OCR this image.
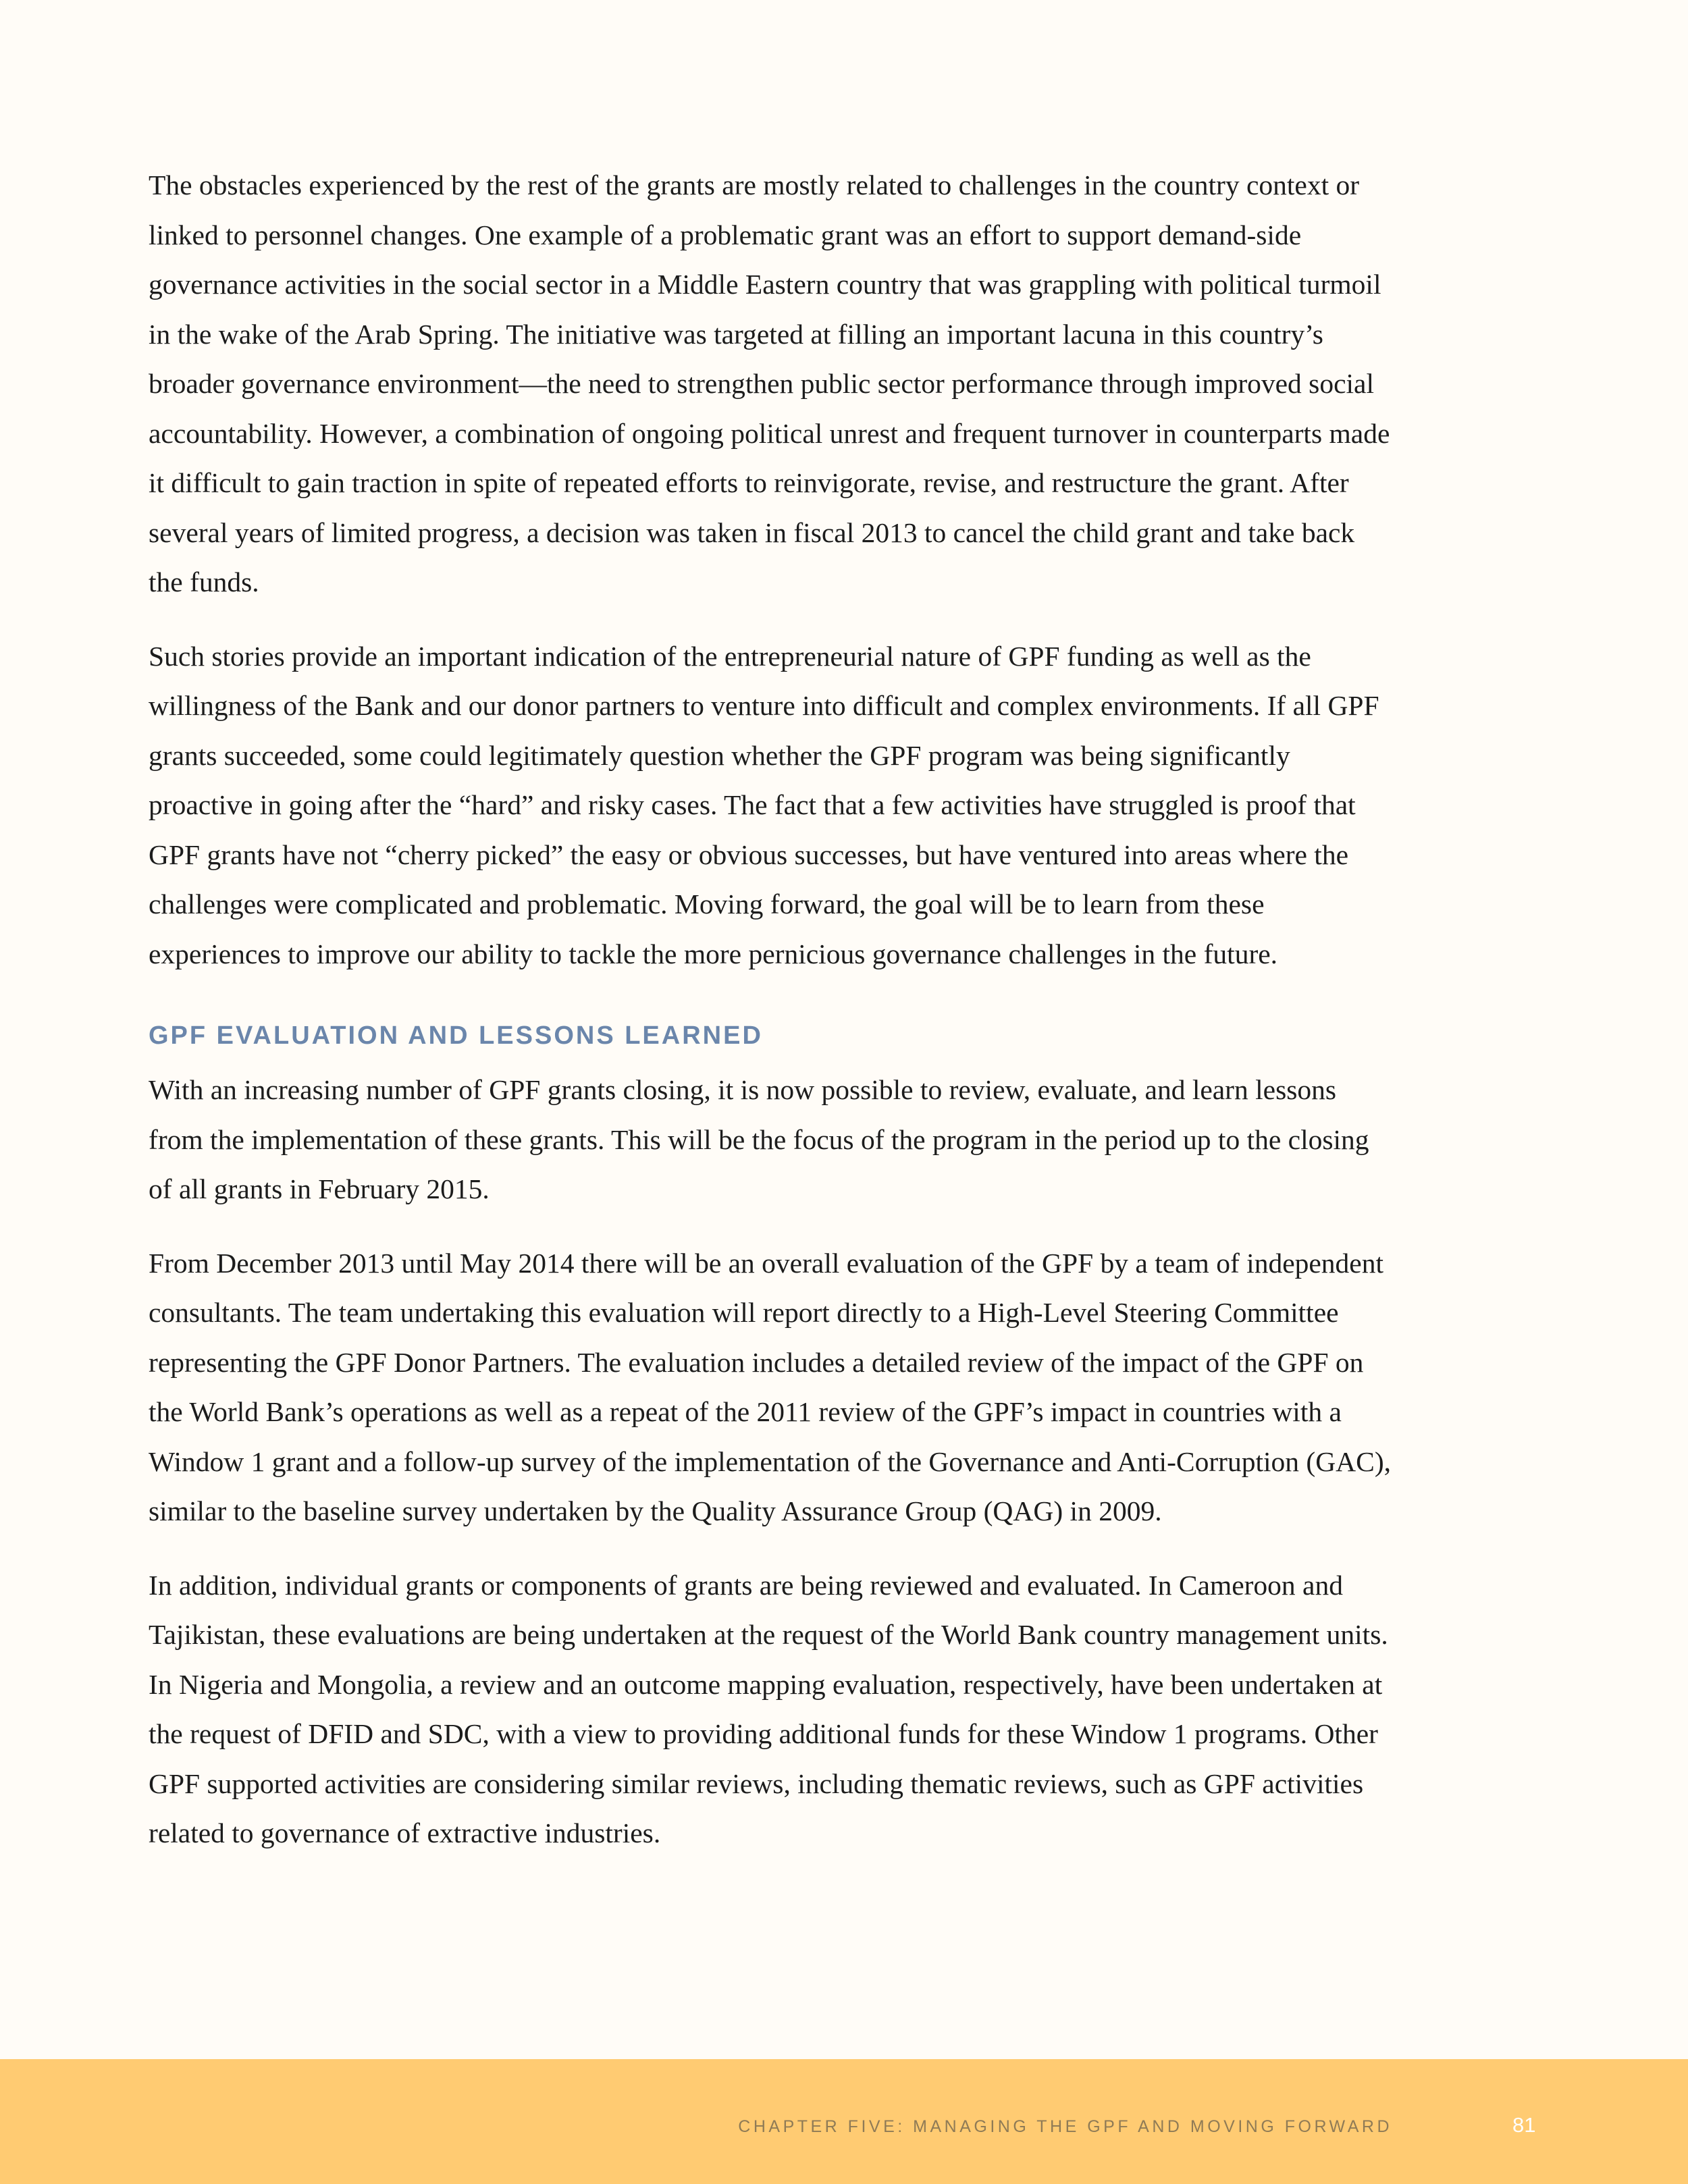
The obstacles experienced by the rest of the grants are mostly related to challenges in the country context or linked to personnel changes. One example of a problematic grant was an effort to support demand-side governance activities in the social sector in a Middle Eastern country that was grappling with political turmoil in the wake of the Arab Spring. The initiative was targeted at filling an important lacuna in this country’s broader governance environment—the need to strengthen public sector performance through improved social accountability. However, a combination of ongoing political unrest and frequent turnover in counterparts made it difficult to gain traction in spite of repeated efforts to reinvigorate, revise, and restructure the grant. After several years of limited progress, a decision was taken in fiscal 2013 to cancel the child grant and take back the funds.

Such stories provide an important indication of the entrepreneurial nature of GPF funding as well as the willingness of the Bank and our donor partners to venture into difficult and complex environments. If all GPF grants succeeded, some could legitimately question whether the GPF program was being significantly proactive in going after the “hard” and risky cases. The fact that a few activities have struggled is proof that GPF grants have not “cherry picked” the easy or obvious successes, but have ventured into areas where the challenges were complicated and problematic. Moving forward, the goal will be to learn from these experiences to improve our ability to tackle the more pernicious governance challenges in the future.

GPF EVALUATION AND LESSONS LEARNED

With an increasing number of GPF grants closing, it is now possible to review, evaluate, and learn lessons from the implementation of these grants. This will be the focus of the program in the period up to the closing of all grants in February 2015.

From December 2013 until May 2014 there will be an overall evaluation of the GPF by a team of independent consultants. The team undertaking this evaluation will report directly to a High-Level Steering Committee representing the GPF Donor Partners. The evaluation includes a detailed review of the impact of the GPF on the World Bank’s operations as well as a repeat of the 2011 review of the GPF’s impact in countries with a Window 1 grant and a follow-up survey of the implementation of the Governance and Anti-Corruption (GAC), similar to the baseline survey undertaken by the Quality Assurance Group (QAG) in 2009.

In addition, individual grants or components of grants are being reviewed and evaluated. In Cameroon and Tajikistan, these evaluations are being undertaken at the request of the World Bank country management units. In Nigeria and Mongolia, a review and an outcome mapping evaluation, respectively, have been undertaken at the request of DFID and SDC, with a view to providing additional funds for these Window 1 programs. Other GPF supported activities are considering similar reviews, including thematic reviews, such as GPF activities related to governance of extractive industries.

CHAPTER FIVE: MANAGING THE GPF AND MOVING FORWARD	81
